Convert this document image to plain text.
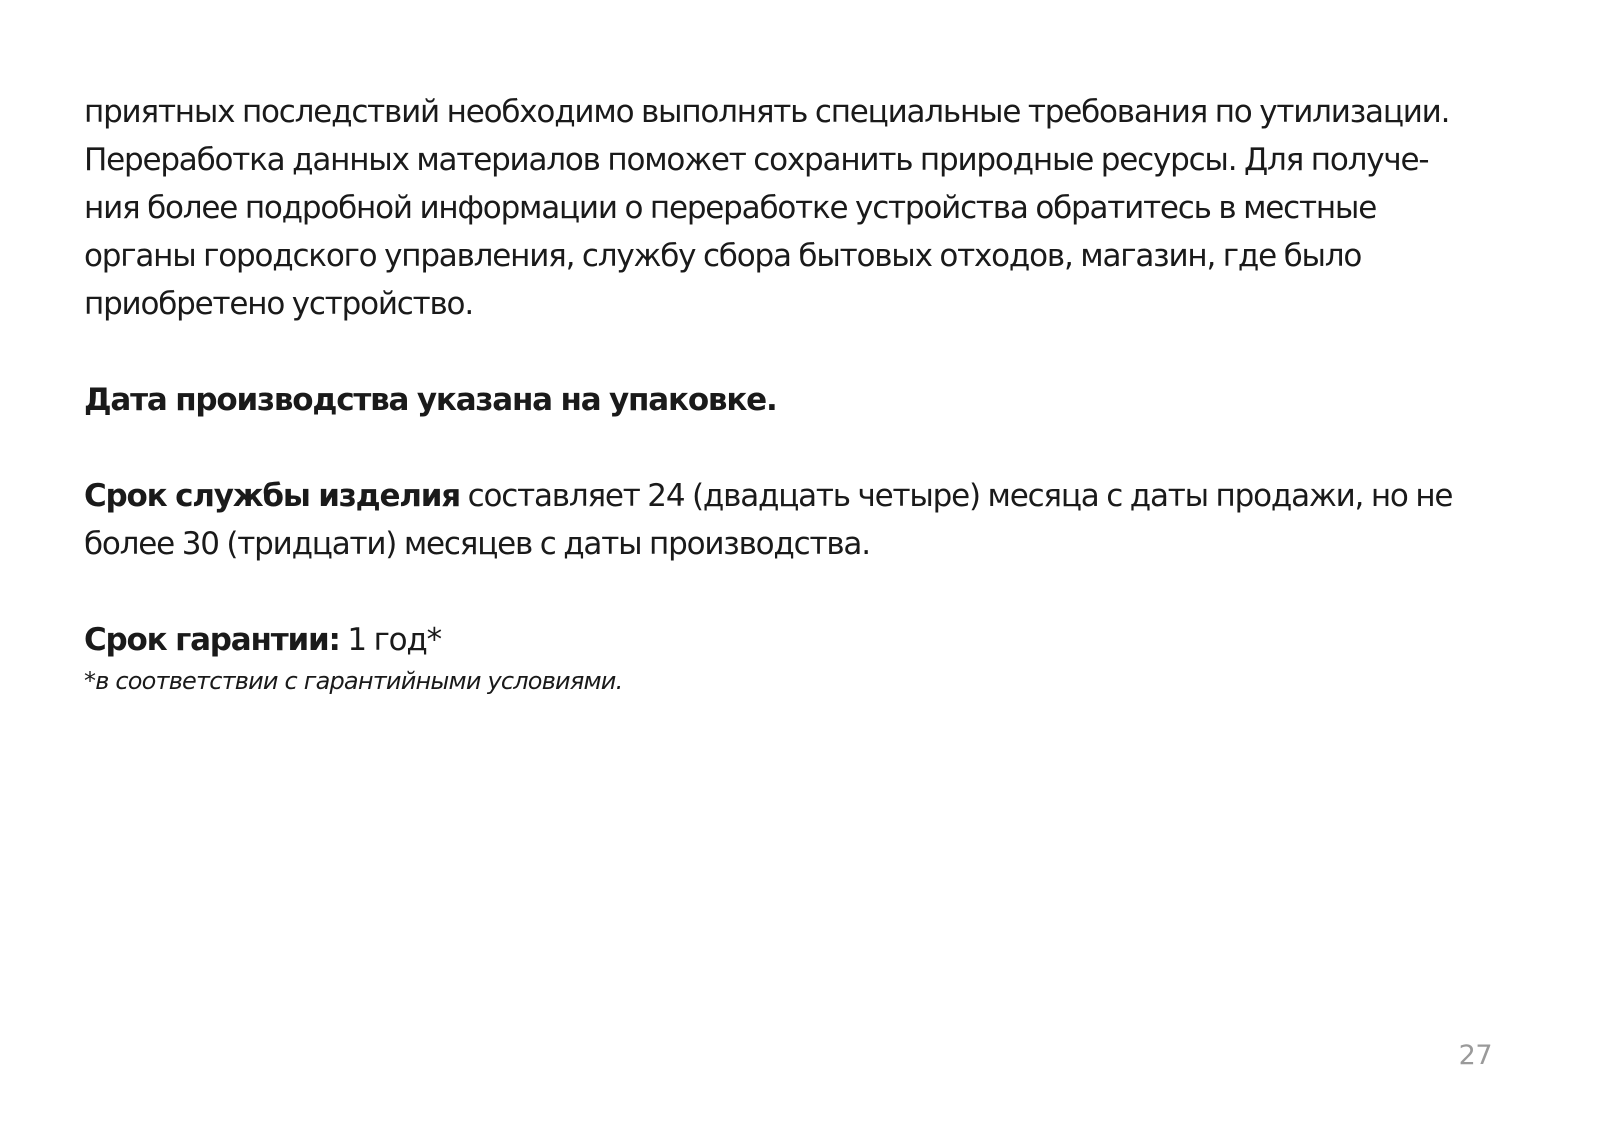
приятных последствий необходимо выполнять специальные требования по утилизации.

Переработка данных материалов поможет сохранить природные ресурсы. Для получе-

ния более подробной информации о переработке устройства обратитесь в местные

органы городского управления, службу сбора бытовых отходов, магазин, где было

приобретено устройство.

Дата производства указана на упаковке.

Срок службы изделия составляет 24 (двадцать четыре) месяца с даты продажи, но не

более 30 (тридцати) месяцев с даты производства.

Срок гарантии: 1 год*

*в соответствии с гарантийными условиями.

27
